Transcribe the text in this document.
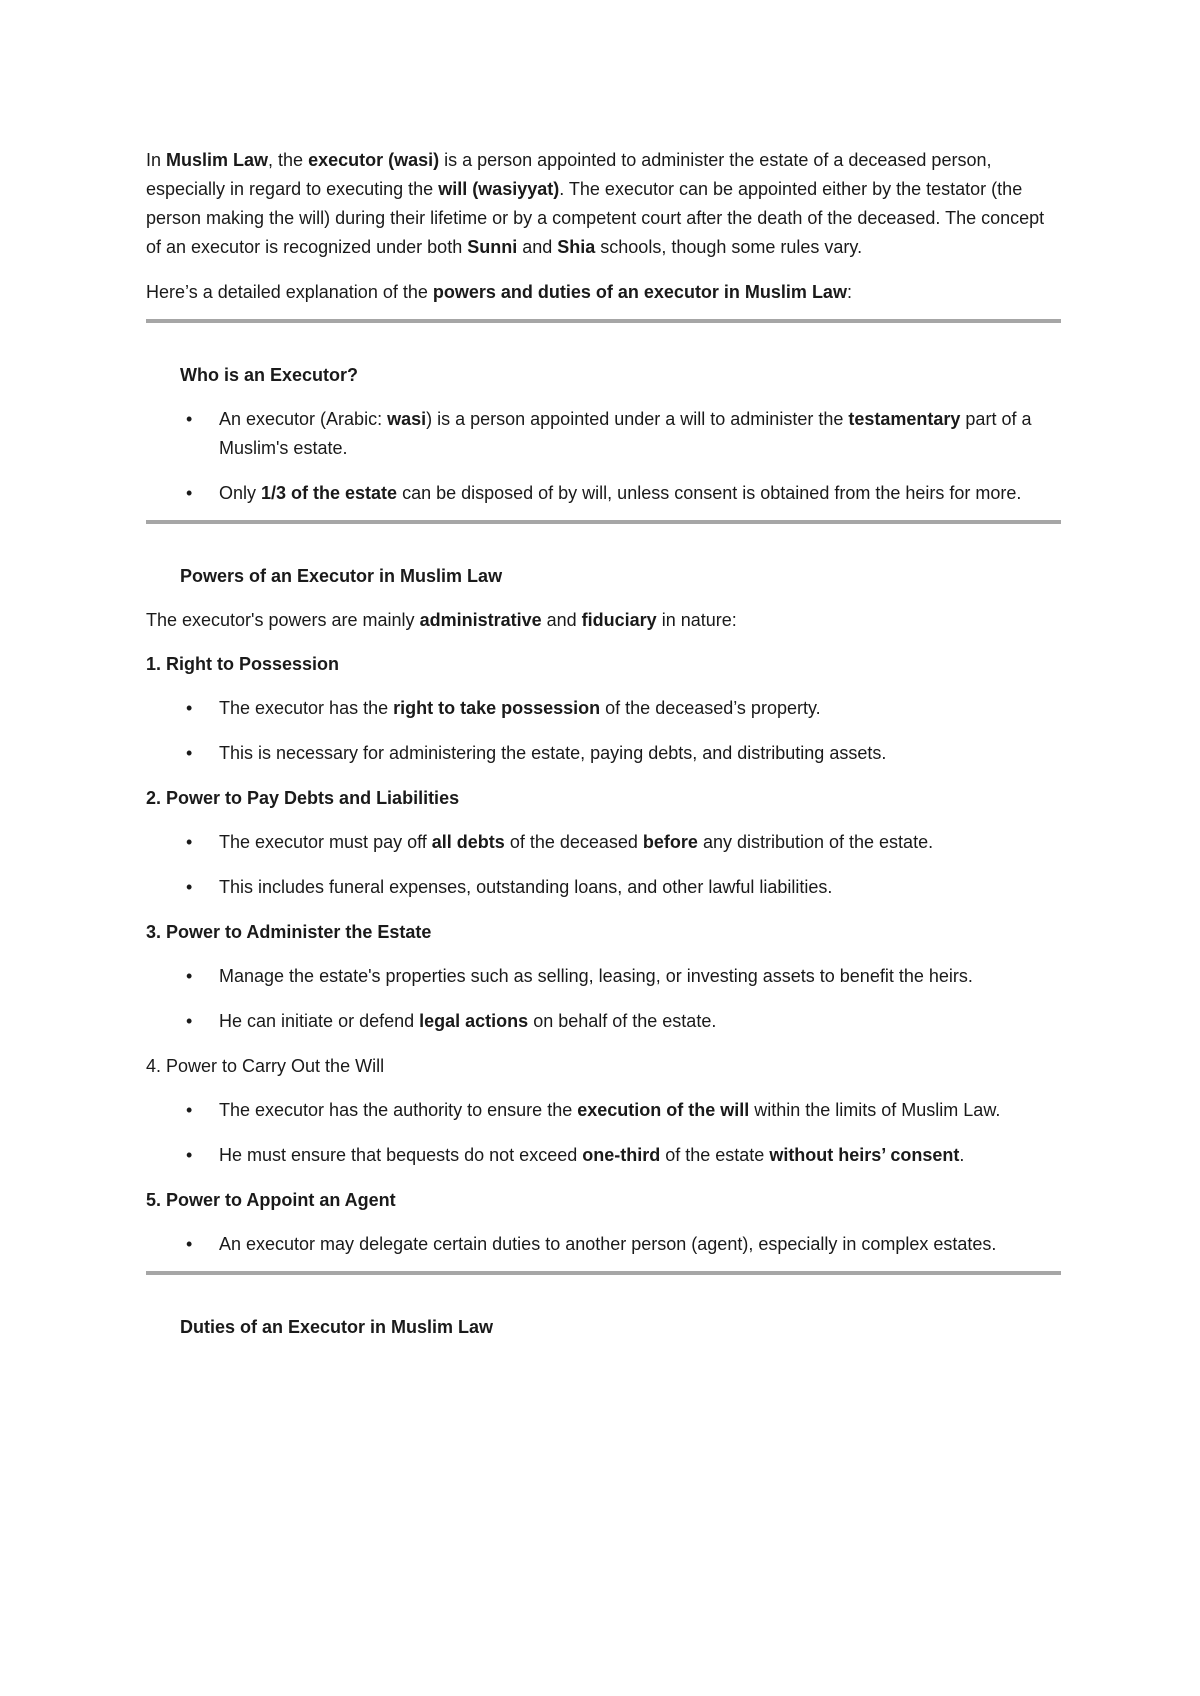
In Muslim Law, the executor (wasi) is a person appointed to administer the estate of a deceased person, especially in regard to executing the will (wasiyyat). The executor can be appointed either by the testator (the person making the will) during their lifetime or by a competent court after the death of the deceased. The concept of an executor is recognized under both Sunni and Shia schools, though some rules vary.

Here’s a detailed explanation of the powers and duties of an executor in Muslim Law:

Who is an Executor?

• An executor (Arabic: wasi) is a person appointed under a will to administer the testamentary part of a Muslim's estate.
• Only 1/3 of the estate can be disposed of by will, unless consent is obtained from the heirs for more.

Powers of an Executor in Muslim Law

The executor's powers are mainly administrative and fiduciary in nature:

1. Right to Possession

• The executor has the right to take possession of the deceased’s property.
• This is necessary for administering the estate, paying debts, and distributing assets.

2. Power to Pay Debts and Liabilities

• The executor must pay off all debts of the deceased before any distribution of the estate.
• This includes funeral expenses, outstanding loans, and other lawful liabilities.

3. Power to Administer the Estate

• Manage the estate's properties such as selling, leasing, or investing assets to benefit the heirs.
• He can initiate or defend legal actions on behalf of the estate.

4. Power to Carry Out the Will

• The executor has the authority to ensure the execution of the will within the limits of Muslim Law.
• He must ensure that bequests do not exceed one-third of the estate without heirs’ consent.

5. Power to Appoint an Agent

• An executor may delegate certain duties to another person (agent), especially in complex estates.

Duties of an Executor in Muslim Law
